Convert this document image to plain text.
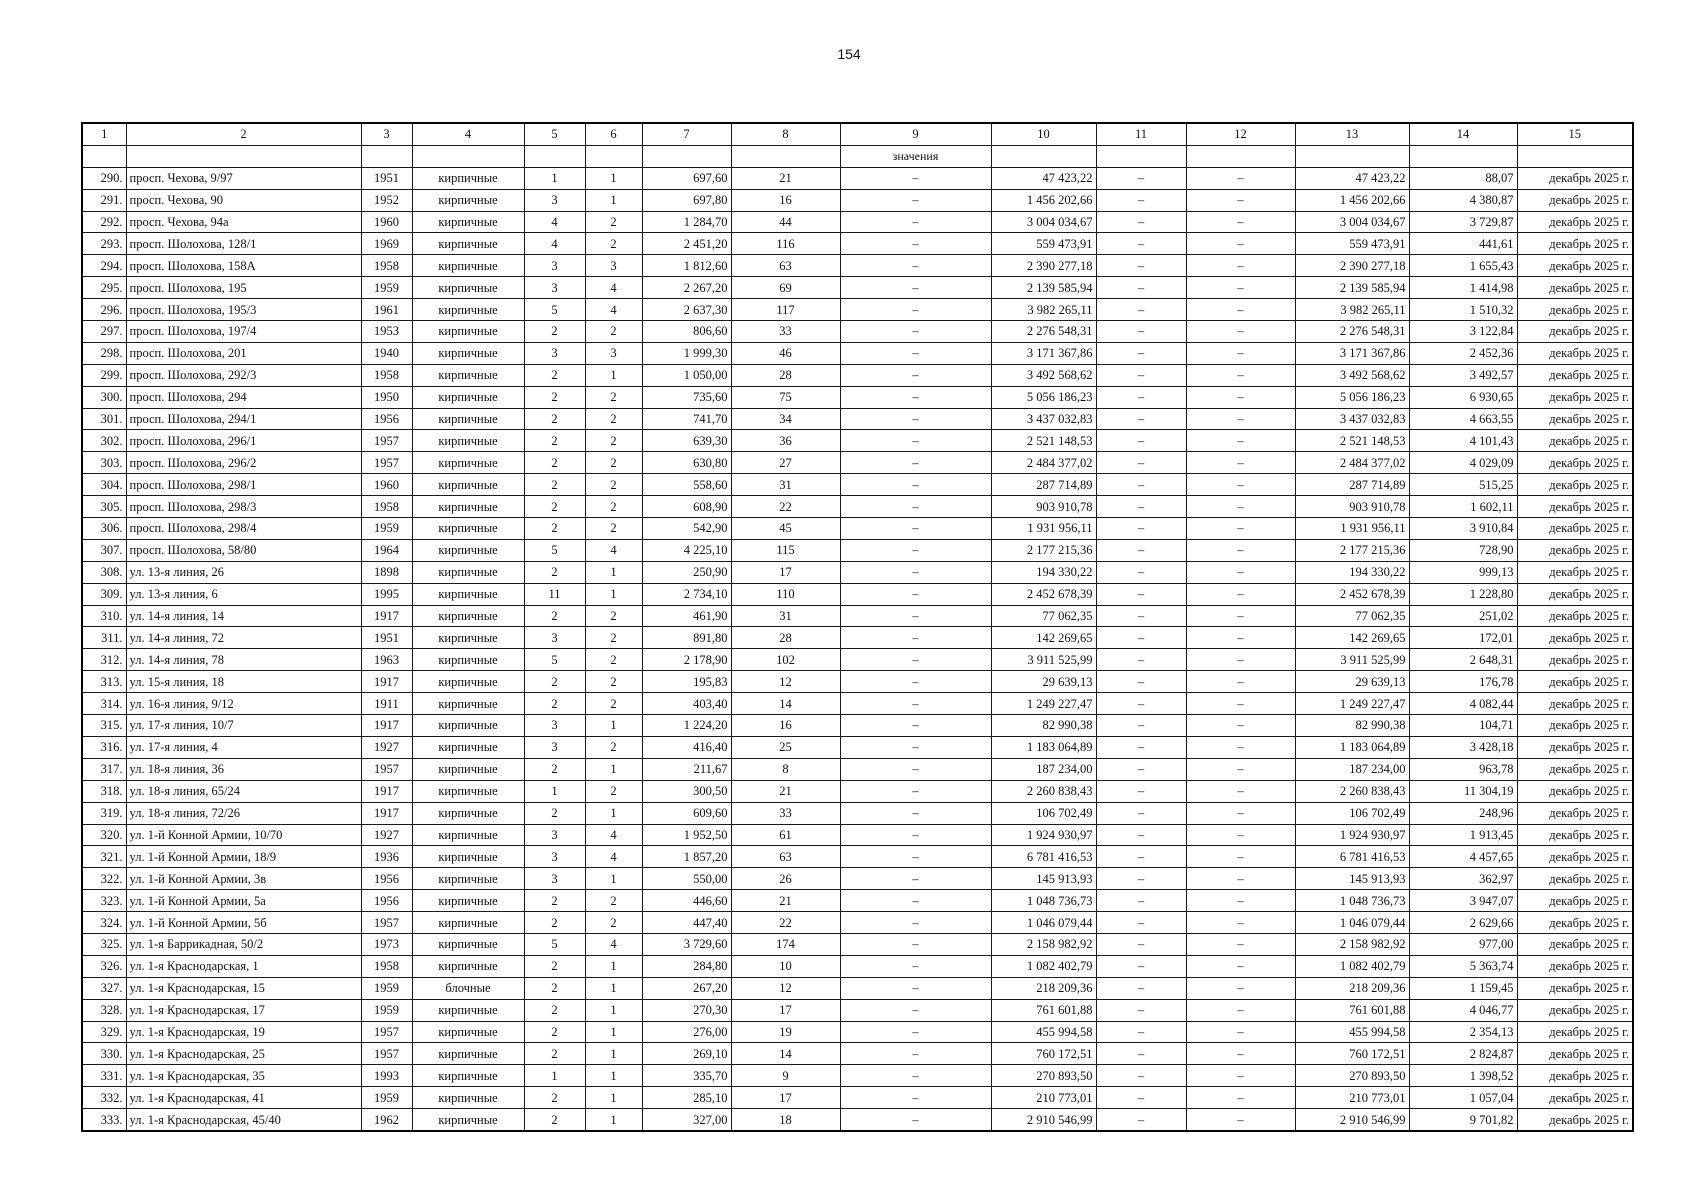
154
1	2	3	4	5	6	7	8	9	10	11	12	13	14	15
								значения						
290.	просп. Чехова, 9/97	1951	кирпичные	1	1	697,60	21	–	47 423,22	–	–	47 423,22	88,07	декабрь 2025 г.
291.	просп. Чехова, 90	1952	кирпичные	3	1	697,80	16	–	1 456 202,66	–	–	1 456 202,66	4 380,87	декабрь 2025 г.
292.	просп. Чехова, 94а	1960	кирпичные	4	2	1 284,70	44	–	3 004 034,67	–	–	3 004 034,67	3 729,87	декабрь 2025 г.
293.	просп. Шолохова, 128/1	1969	кирпичные	4	2	2 451,20	116	–	559 473,91	–	–	559 473,91	441,61	декабрь 2025 г.
294.	просп. Шолохова, 158А	1958	кирпичные	3	3	1 812,60	63	–	2 390 277,18	–	–	2 390 277,18	1 655,43	декабрь 2025 г.
295.	просп. Шолохова, 195	1959	кирпичные	3	4	2 267,20	69	–	2 139 585,94	–	–	2 139 585,94	1 414,98	декабрь 2025 г.
296.	просп. Шолохова, 195/3	1961	кирпичные	5	4	2 637,30	117	–	3 982 265,11	–	–	3 982 265,11	1 510,32	декабрь 2025 г.
297.	просп. Шолохова, 197/4	1953	кирпичные	2	2	806,60	33	–	2 276 548,31	–	–	2 276 548,31	3 122,84	декабрь 2025 г.
298.	просп. Шолохова, 201	1940	кирпичные	3	3	1 999,30	46	–	3 171 367,86	–	–	3 171 367,86	2 452,36	декабрь 2025 г.
299.	просп. Шолохова, 292/3	1958	кирпичные	2	1	1 050,00	28	–	3 492 568,62	–	–	3 492 568,62	3 492,57	декабрь 2025 г.
300.	просп. Шолохова, 294	1950	кирпичные	2	2	735,60	75	–	5 056 186,23	–	–	5 056 186,23	6 930,65	декабрь 2025 г.
301.	просп. Шолохова, 294/1	1956	кирпичные	2	2	741,70	34	–	3 437 032,83	–	–	3 437 032,83	4 663,55	декабрь 2025 г.
302.	просп. Шолохова, 296/1	1957	кирпичные	2	2	639,30	36	–	2 521 148,53	–	–	2 521 148,53	4 101,43	декабрь 2025 г.
303.	просп. Шолохова, 296/2	1957	кирпичные	2	2	630,80	27	–	2 484 377,02	–	–	2 484 377,02	4 029,09	декабрь 2025 г.
304.	просп. Шолохова, 298/1	1960	кирпичные	2	2	558,60	31	–	287 714,89	–	–	287 714,89	515,25	декабрь 2025 г.
305.	просп. Шолохова, 298/3	1958	кирпичные	2	2	608,90	22	–	903 910,78	–	–	903 910,78	1 602,11	декабрь 2025 г.
306.	просп. Шолохова, 298/4	1959	кирпичные	2	2	542,90	45	–	1 931 956,11	–	–	1 931 956,11	3 910,84	декабрь 2025 г.
307.	просп. Шолохова, 58/80	1964	кирпичные	5	4	4 225,10	115	–	2 177 215,36	–	–	2 177 215,36	728,90	декабрь 2025 г.
308.	ул. 13-я линия, 26	1898	кирпичные	2	1	250,90	17	–	194 330,22	–	–	194 330,22	999,13	декабрь 2025 г.
309.	ул. 13-я линия, 6	1995	кирпичные	11	1	2 734,10	110	–	2 452 678,39	–	–	2 452 678,39	1 228,80	декабрь 2025 г.
310.	ул. 14-я линия, 14	1917	кирпичные	2	2	461,90	31	–	77 062,35	–	–	77 062,35	251,02	декабрь 2025 г.
311.	ул. 14-я линия, 72	1951	кирпичные	3	2	891,80	28	–	142 269,65	–	–	142 269,65	172,01	декабрь 2025 г.
312.	ул. 14-я линия, 78	1963	кирпичные	5	2	2 178,90	102	–	3 911 525,99	–	–	3 911 525,99	2 648,31	декабрь 2025 г.
313.	ул. 15-я линия, 18	1917	кирпичные	2	2	195,83	12	–	29 639,13	–	–	29 639,13	176,78	декабрь 2025 г.
314.	ул. 16-я линия, 9/12	1911	кирпичные	2	2	403,40	14	–	1 249 227,47	–	–	1 249 227,47	4 082,44	декабрь 2025 г.
315.	ул. 17-я линия, 10/7	1917	кирпичные	3	1	1 224,20	16	–	82 990,38	–	–	82 990,38	104,71	декабрь 2025 г.
316.	ул. 17-я линия, 4	1927	кирпичные	3	2	416,40	25	–	1 183 064,89	–	–	1 183 064,89	3 428,18	декабрь 2025 г.
317.	ул. 18-я линия, 36	1957	кирпичные	2	1	211,67	8	–	187 234,00	–	–	187 234,00	963,78	декабрь 2025 г.
318.	ул. 18-я линия, 65/24	1917	кирпичные	1	2	300,50	21	–	2 260 838,43	–	–	2 260 838,43	11 304,19	декабрь 2025 г.
319.	ул. 18-я линия, 72/26	1917	кирпичные	2	1	609,60	33	–	106 702,49	–	–	106 702,49	248,96	декабрь 2025 г.
320.	ул. 1-й Конной Армии, 10/70	1927	кирпичные	3	4	1 952,50	61	–	1 924 930,97	–	–	1 924 930,97	1 913,45	декабрь 2025 г.
321.	ул. 1-й Конной Армии, 18/9	1936	кирпичные	3	4	1 857,20	63	–	6 781 416,53	–	–	6 781 416,53	4 457,65	декабрь 2025 г.
322.	ул. 1-й Конной Армии, 3в	1956	кирпичные	3	1	550,00	26	–	145 913,93	–	–	145 913,93	362,97	декабрь 2025 г.
323.	ул. 1-й Конной Армии, 5а	1956	кирпичные	2	2	446,60	21	–	1 048 736,73	–	–	1 048 736,73	3 947,07	декабрь 2025 г.
324.	ул. 1-й Конной Армии, 5б	1957	кирпичные	2	2	447,40	22	–	1 046 079,44	–	–	1 046 079,44	2 629,66	декабрь 2025 г.
325.	ул. 1-я Баррикадная, 50/2	1973	кирпичные	5	4	3 729,60	174	–	2 158 982,92	–	–	2 158 982,92	977,00	декабрь 2025 г.
326.	ул. 1-я Краснодарская, 1	1958	кирпичные	2	1	284,80	10	–	1 082 402,79	–	–	1 082 402,79	5 363,74	декабрь 2025 г.
327.	ул. 1-я Краснодарская, 15	1959	блочные	2	1	267,20	12	–	218 209,36	–	–	218 209,36	1 159,45	декабрь 2025 г.
328.	ул. 1-я Краснодарская, 17	1959	кирпичные	2	1	270,30	17	–	761 601,88	–	–	761 601,88	4 046,77	декабрь 2025 г.
329.	ул. 1-я Краснодарская, 19	1957	кирпичные	2	1	276,00	19	–	455 994,58	–	–	455 994,58	2 354,13	декабрь 2025 г.
330.	ул. 1-я Краснодарская, 25	1957	кирпичные	2	1	269,10	14	–	760 172,51	–	–	760 172,51	2 824,87	декабрь 2025 г.
331.	ул. 1-я Краснодарская, 35	1993	кирпичные	1	1	335,70	9	–	270 893,50	–	–	270 893,50	1 398,52	декабрь 2025 г.
332.	ул. 1-я Краснодарская, 41	1959	кирпичные	2	1	285,10	17	–	210 773,01	–	–	210 773,01	1 057,04	декабрь 2025 г.
333.	ул. 1-я Краснодарская, 45/40	1962	кирпичные	2	1	327,00	18	–	2 910 546,99	–	–	2 910 546,99	9 701,82	декабрь 2025 г.
